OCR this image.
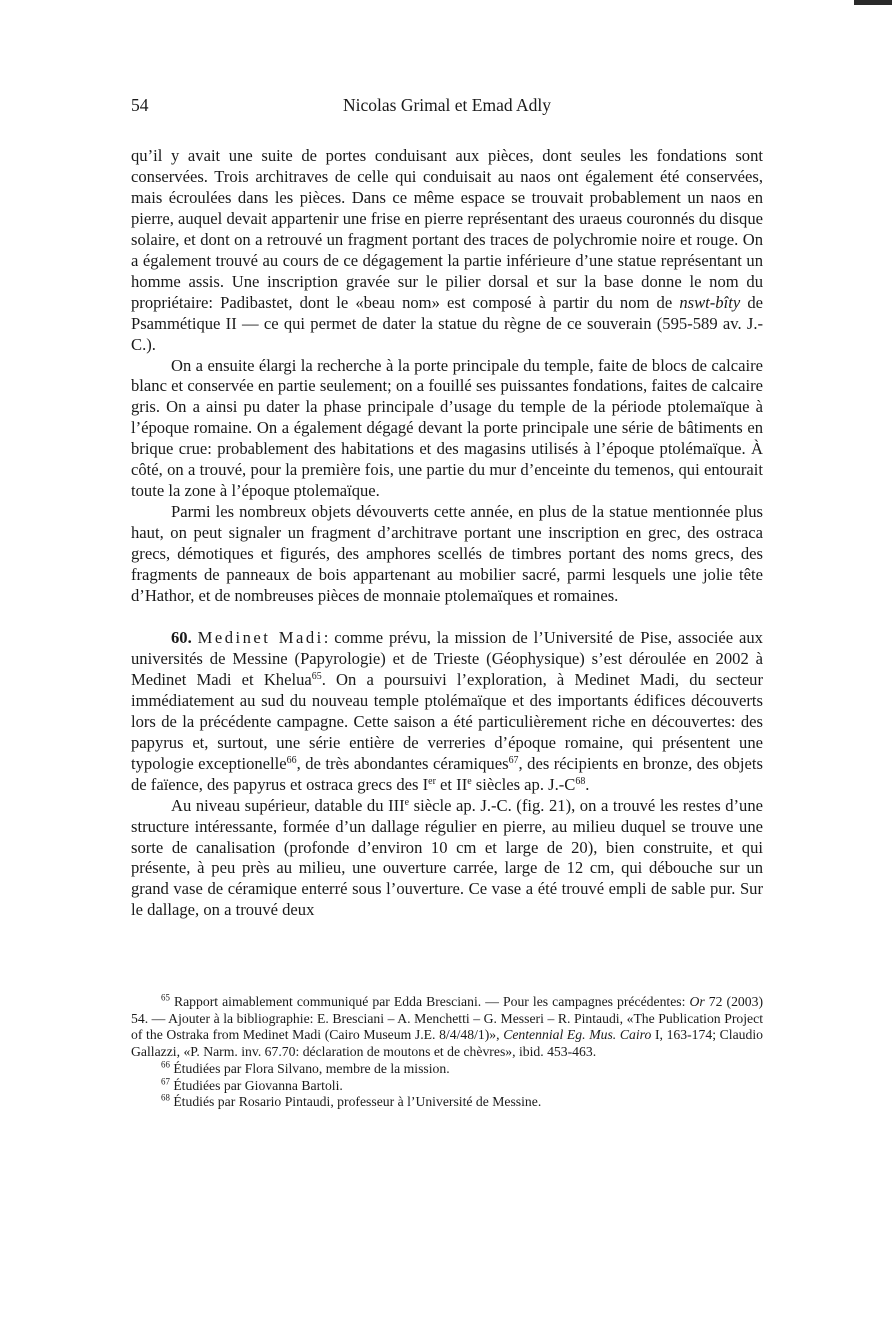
54	Nicolas Grimal et Emad Adly

qu’il y avait une suite de portes conduisant aux pièces, dont seules les fondations sont conservées. Trois architraves de celle qui conduisait au naos ont également été conservées, mais écroulées dans les pièces. Dans ce même espace se trouvait probablement un naos en pierre, auquel devait appartenir une frise en pierre représentant des uraeus couronnés du disque solaire, et dont on a retrouvé un fragment portant des traces de polychromie noire et rouge. On a également trouvé au cours de ce dégagement la partie inférieure d’une statue représentant un homme assis. Une inscription gravée sur le pilier dorsal et sur la base donne le nom du propriétaire: Padibastet, dont le «beau nom» est composé à partir du nom de nswt-bîty de Psammétique II — ce qui permet de dater la statue du règne de ce souverain (595-589 av. J.-C.).

On a ensuite élargi la recherche à la porte principale du temple, faite de blocs de calcaire blanc et conservée en partie seulement; on a fouillé ses puissantes fondations, faites de calcaire gris. On a ainsi pu dater la phase principale d’usage du temple de la période ptolemaïque à l’époque romaine. On a également dégagé devant la porte principale une série de bâtiments en brique crue: probablement des habitations et des magasins utilisés à l’époque ptolémaïque. À côté, on a trouvé, pour la première fois, une partie du mur d’enceinte du temenos, qui entourait toute la zone à l’époque ptolemaïque.

Parmi les nombreux objets dévouverts cette année, en plus de la statue mentionnée plus haut, on peut signaler un fragment d’architrave portant une inscription en grec, des ostraca grecs, démotiques et figurés, des amphores scellés de timbres portant des noms grecs, des fragments de panneaux de bois appartenant au mobilier sacré, parmi lesquels une jolie tête d’Hathor, et de nombreuses pièces de monnaie ptolemaïques et romaines.

60. Medinet Madi: comme prévu, la mission de l’Université de Pise, associée aux universités de Messine (Papyrologie) et de Trieste (Géophysique) s’est déroulée en 2002 à Medinet Madi et Khelua$^{65}$. On a poursuivi l’exploration, à Medinet Madi, du secteur immédiatement au sud du nouveau temple ptolémaïque et des importants édifices découverts lors de la précédente campagne. Cette saison a été particulièrement riche en découvertes: des papyrus et, surtout, une série entière de verreries d’époque romaine, qui présentent une typologie exceptionelle$^{66}$, de très abondantes céramiques$^{67}$, des récipients en bronze, des objets de faïence, des papyrus et ostraca grecs des Ier et IIe siècles ap. $J.-C^{68}$.

Au niveau supérieur, datable du IIIe siècle ap. J.-C. (fig. 21), on a trouvé les restes d’une structure intéressante, formée d’un dallage régulier en pierre, au milieu duquel se trouve une sorte de canalisation (profonde d’environ 10 cm et large de 20), bien construite, et qui présente, à peu près au milieu, une ouverture carrée, large de 12 cm, qui débouche sur un grand vase de céramique enterré sous l’ouverture. Ce vase a été trouvé empli de sable pur. Sur le dallage, on a trouvé deux

$^{65}$ Rapport aimablement communiqué par Edda Bresciani. — Pour les campagnes précédentes: Or 72 (2003) 54. — Ajouter à la bibliographie: E. Bresciani – A. Menchetti – G. Messeri – R. Pintaudi, «The Publication Project of the Ostraka from Medinet Madi (Cairo Museum J.E. 8/4/48/1)», Centennial Eg. Mus. Cairo I, 163-174; Claudio Gallazzi, «P. Narm. inv. 67.70: déclaration de moutons et de chèvres», ibid. 453-463.

$^{66}$ Étudiées par Flora Silvano, membre de la mission.

$^{67}$ Étudiées par Giovanna Bartoli.

$^{68}$ Étudiés par Rosario Pintaudi, professeur à l’Université de Messine.
